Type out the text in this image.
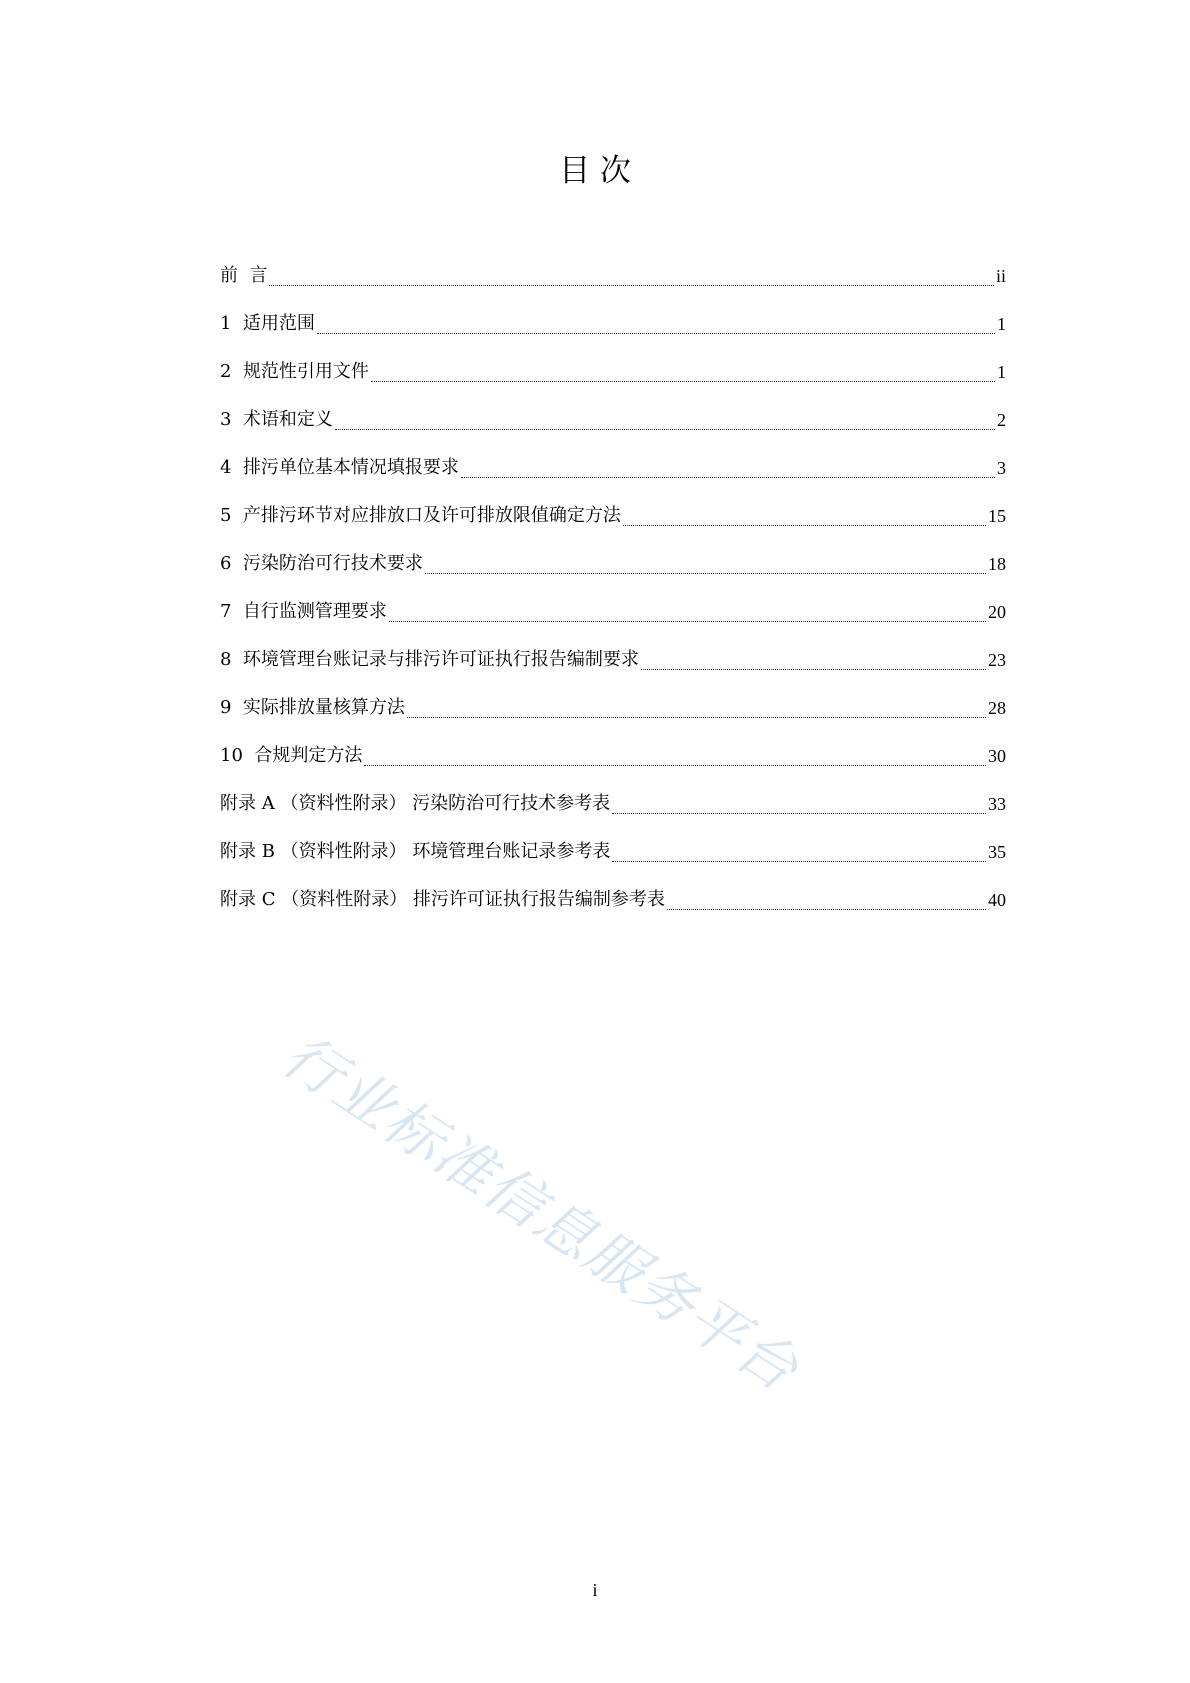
目 次
前  言	ii
1  适用范围	1
2  规范性引用文件	1
3  术语和定义	2
4  排污单位基本情况填报要求	3
5  产排污环节对应排放口及许可排放限值确定方法	15
6  污染防治可行技术要求	18
7  自行监测管理要求	20
8  环境管理台账记录与排污许可证执行报告编制要求	23
9  实际排放量核算方法	28
10  合规判定方法	30
附录 A （资料性附录） 污染防治可行技术参考表	33
附录 B （资料性附录） 环境管理台账记录参考表	35
附录 C （资料性附录） 排污许可证执行报告编制参考表	40
行业标准信息服务平台
i
